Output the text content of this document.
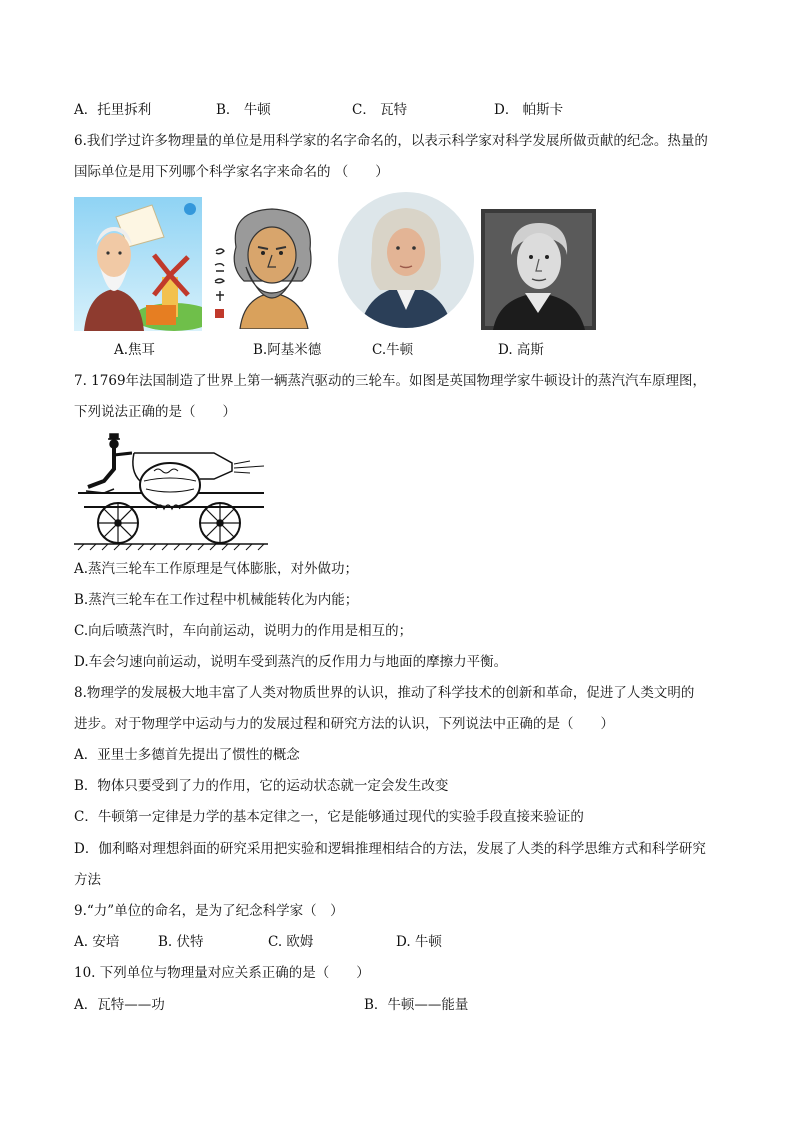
A．托里拆利	B． 牛顿	C． 瓦特	D． 帕斯卡
6.我们学过许多物理量的单位是用科学家的名字命名的，以表示科学家对科学发展所做贡献的纪念。热量的
国际单位是用下列哪个科学家名字来命名的 （　　）
A.焦耳	B.阿基米德	C.牛顿	D. 高斯
7. 1769年法国制造了世界上第一辆蒸汽驱动的三轮车。如图是英国物理学家牛顿设计的蒸汽汽车原理图，
下列说法正确的是（　　）
A.蒸汽三轮车工作原理是气体膨胀，对外做功；
B.蒸汽三轮车在工作过程中机械能转化为内能；
C.向后喷蒸汽时，车向前运动，说明力的作用是相互的；
D.车会匀速向前运动，说明车受到蒸汽的反作用力与地面的摩擦力平衡。
8.物理学的发展极大地丰富了人类对物质世界的认识，推动了科学技术的创新和革命，促进了人类文明的
进步。对于物理学中运动与力的发展过程和研究方法的认识，下列说法中正确的是（　　）
A．亚里士多德首先提出了惯性的概念
B．物体只要受到了力的作用，它的运动状态就一定会发生改变
C．牛顿第一定律是力学的基本定律之一，它是能够通过现代的实验手段直接来验证的
D．伽利略对理想斜面的研究采用把实验和逻辑推理相结合的方法，发展了人类的科学思维方式和科学研究
方法
9.“力”单位的命名，是为了纪念科学家（　）
A. 安培	B. 伏特	C. 欧姆	D. 牛顿
10. 下列单位与物理量对应关系正确的是（　　）
A．瓦特——功	B．牛顿——能量
